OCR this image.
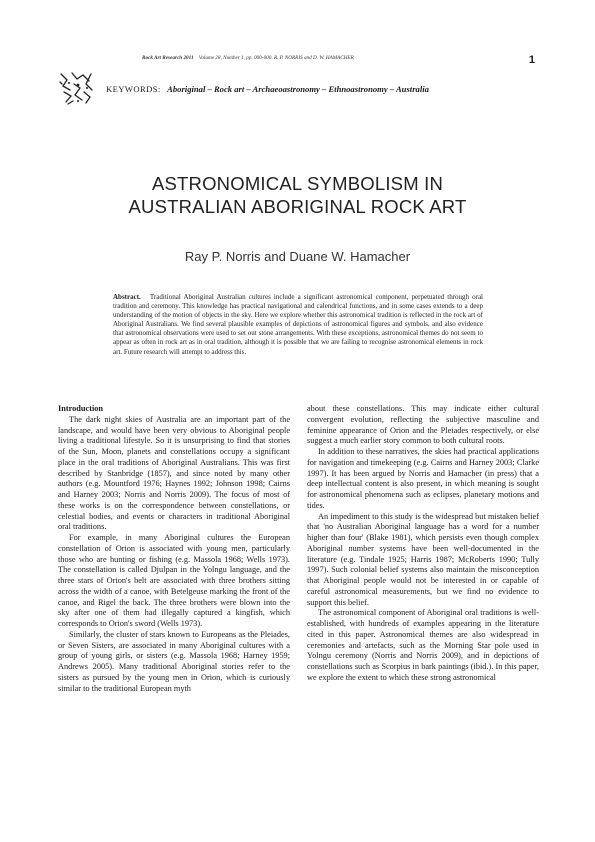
Rock Art Research 2011 Volume 28, Number 1, pp. 000-000. R. P. NORRIS and D. W. HAMACHER	1
KEYWORDS: Aboriginal – Rock art – Archaeoastronomy – Ethnoastronomy – Australia
ASTRONOMICAL SYMBOLISM IN
AUSTRALIAN ABORIGINAL ROCK ART
Ray P. Norris and Duane W. Hamacher
Abstract. Traditional Aboriginal Australian cultures include a significant astronomical component, perpetuated through oral tradition and ceremony. This knowledge has practical navigational and calendrical functions, and in some cases extends to a deep understanding of the motion of objects in the sky. Here we explore whether this astronomical tradition is reflected in the rock art of Aboriginal Australians. We find several plausible examples of depictions of astronomical figures and symbols, and also evidence that astronomical observations were used to set out stone arrangements. With these exceptions, astronomical themes do not seem to appear as often in rock art as in oral tradition, although it is possible that we are failing to recognise astronomical elements in rock art. Future research will attempt to address this.

Introduction

The dark night skies of Australia are an important part of the landscape, and would have been very obvious to Aboriginal people living a traditional lifestyle. So it is unsurprising to find that stories of the Sun, Moon, planets and constellations occupy a significant place in the oral traditions of Aboriginal Australians. This was first described by Stanbridge (1857), and since noted by many other authors (e.g. Mountford 1976; Haynes 1992; Johnson 1998; Cairns and Harney 2003; Norris and Norris 2009). The focus of most of these works is on the correspondence between constellations, or celestial bodies, and events or characters in traditional Aboriginal oral traditions.

For example, in many Aboriginal cultures the European constellation of Orion is associated with young men, particularly those who are hunting or fishing (e.g. Massola 1968; Wells 1973). The constellation is called Djulpan in the Yolngu language, and the three stars of Orion's belt are associated with three brothers sitting across the width of a canoe, with Betelgeuse marking the front of the canoe, and Rigel the back. The three brothers were blown into the sky after one of them had illegally captured a kingfish, which corresponds to Orion's sword (Wells 1973).

Similarly, the cluster of stars known to Europeans as the Pleiades, or Seven Sisters, are associated in many Aboriginal cultures with a group of young girls, or sisters (e.g. Massola 1968; Harney 1959; Andrews 2005). Many traditional Aboriginal stories refer to the sisters as pursued by the young men in Orion, which is curiously similar to the traditional European myth

about these constellations. This may indicate either cultural convergent evolution, reflecting the subjective masculine and feminine appearance of Orion and the Pleiades respectively, or else suggest a much earlier story common to both cultural roots.

In addition to these narratives, the skies had practical applications for navigation and timekeeping (e.g. Cairns and Harney 2003; Clarke 1997). It has been argued by Norris and Hamacher (in press) that a deep intellectual content is also present, in which meaning is sought for astronomical phenomena such as eclipses, planetary motions and tides.

An impediment to this study is the widespread but mistaken belief that 'no Australian Aboriginal language has a word for a number higher than four' (Blake 1981), which persists even though complex Aboriginal number systems have been well-documented in the literature (e.g. Tindale 1925; Harris 1987; McRoberts 1990; Tully 1997). Such colonial belief systems also maintain the misconception that Aboriginal people would not be interested in or capable of careful astronomical measurements, but we find no evidence to support this belief.

The astronomical component of Aboriginal oral traditions is well-established, with hundreds of examples appearing in the literature cited in this paper. Astronomical themes are also widespread in ceremonies and artefacts, such as the Morning Star pole used in Yolngu ceremony (Norris and Norris 2009), and in depictions of constellations such as Scorpius in bark paintings (ibid.). In this paper, we explore the extent to which these strong astronomical
